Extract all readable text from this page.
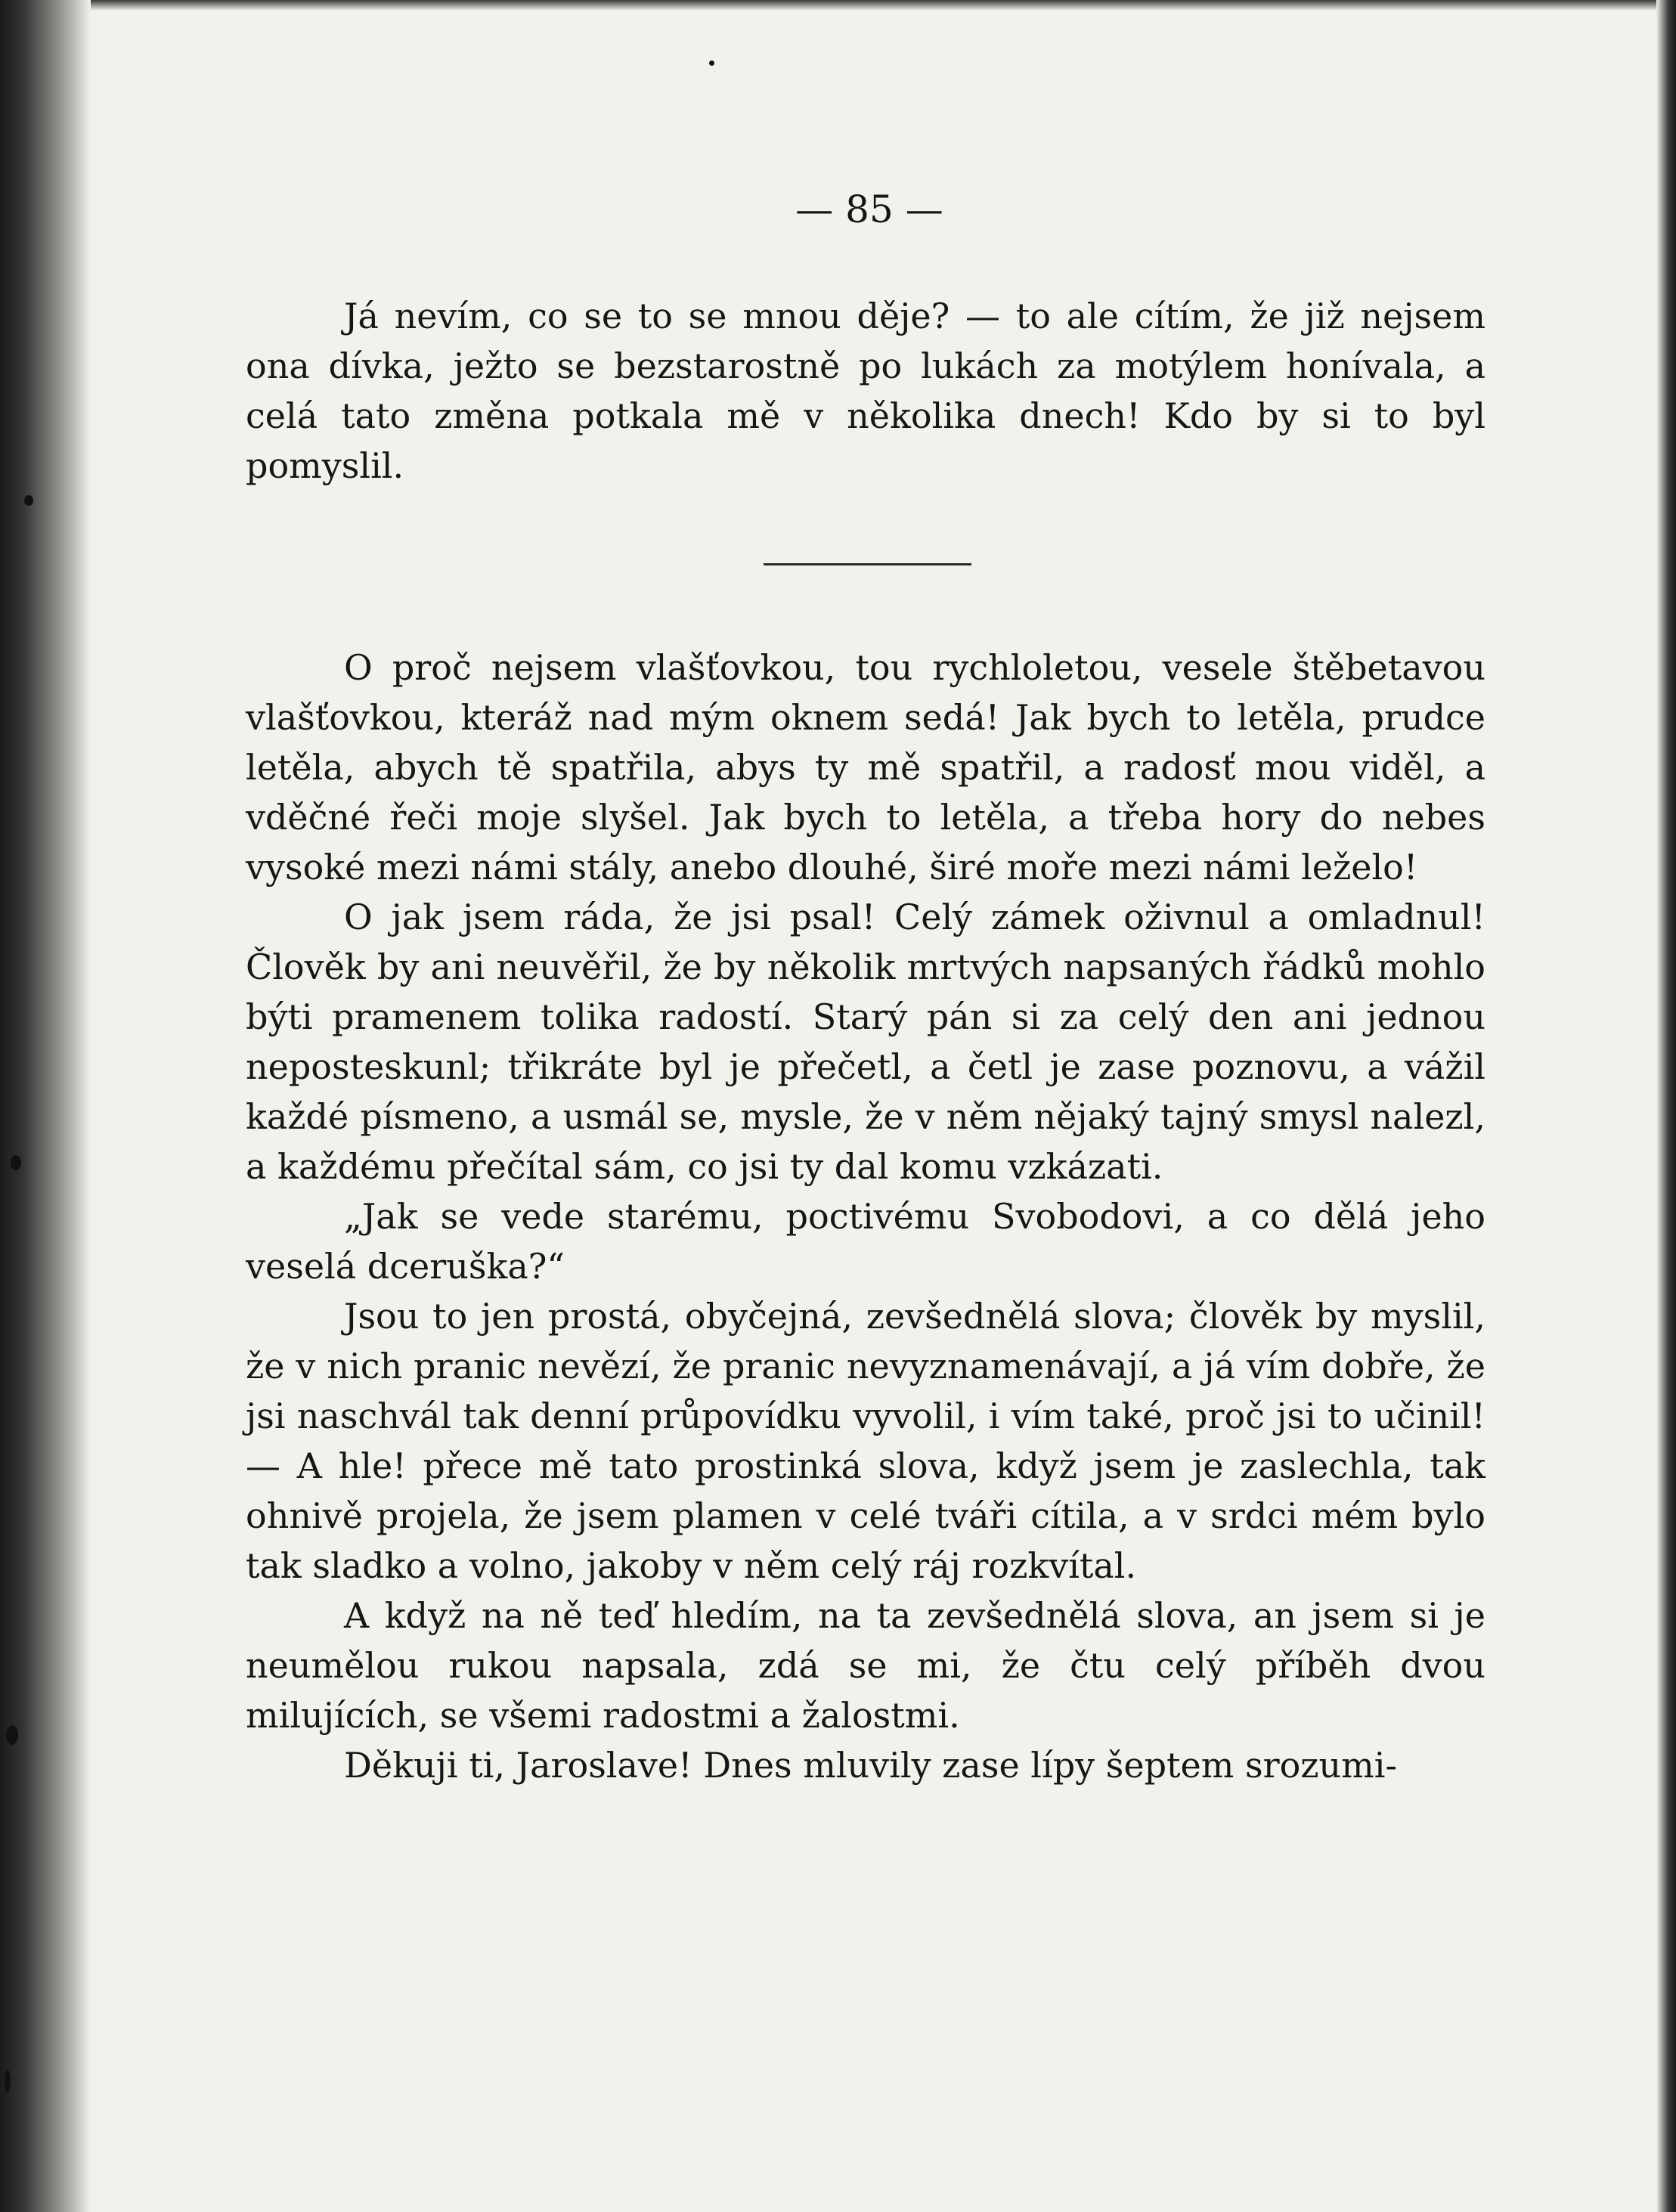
— 85 —

Já nevím, co se to se mnou děje? — to ale cítím, že již nejsem ona dívka, ježto se bezstarostně po lukách za motýlem honívala, a celá tato změna potkala mě v několika dnech! Kdo by si to byl pomyslil.

O proč nejsem vlašťovkou, tou rychloletou, vesele štěbetavou vlašťovkou, kteráž nad mým oknem sedá! Jak bych to letěla, prudce letěla, abych tě spatřila, abys ty mě spatřil, a radosť mou viděl, a vděčné řeči moje slyšel. Jak bych to letěla, a třeba hory do nebes vysoké mezi námi stály, anebo dlouhé, širé moře mezi námi leželo!

O jak jsem ráda, že jsi psal! Celý zámek oživnul a omladnul! Člověk by ani neuvěřil, že by několik mrtvých napsaných řádků mohlo býti pramenem tolika radostí. Starý pán si za celý den ani jednou neposteskunl; třikráte byl je přečetl, a četl je zase poznovu, a vážil každé písmeno, a usmál se, mysle, že v něm nějaký tajný smysl nalezl, a každému přečítal sám, co jsi ty dal komu vzkázati.

„Jak se vede starému, poctivému Svobodovi, a co dělá jeho veselá dceruška?“

Jsou to jen prostá, obyčejná, zevšednělá slova; člověk by myslil, že v nich pranic nevězí, že pranic nevyznamenávají, a já vím dobře, že jsi naschvál tak denní průpovídku vyvolil, i vím také, proč jsi to učinil! — A hle! přece mě tato prostinká slova, když jsem je zaslechla, tak ohnivě projela, že jsem plamen v celé tváři cítila, a v srdci mém bylo tak sladko a volno, jakoby v něm celý ráj rozkvítal.

A když na ně teď hledím, na ta zevšednělá slova, an jsem si je neumělou rukou napsala, zdá se mi, že čtu celý příběh dvou milujících, se všemi radostmi a žalostmi.

Děkuji ti, Jaroslave! Dnes mluvily zase lípy šeptem srozumi-
